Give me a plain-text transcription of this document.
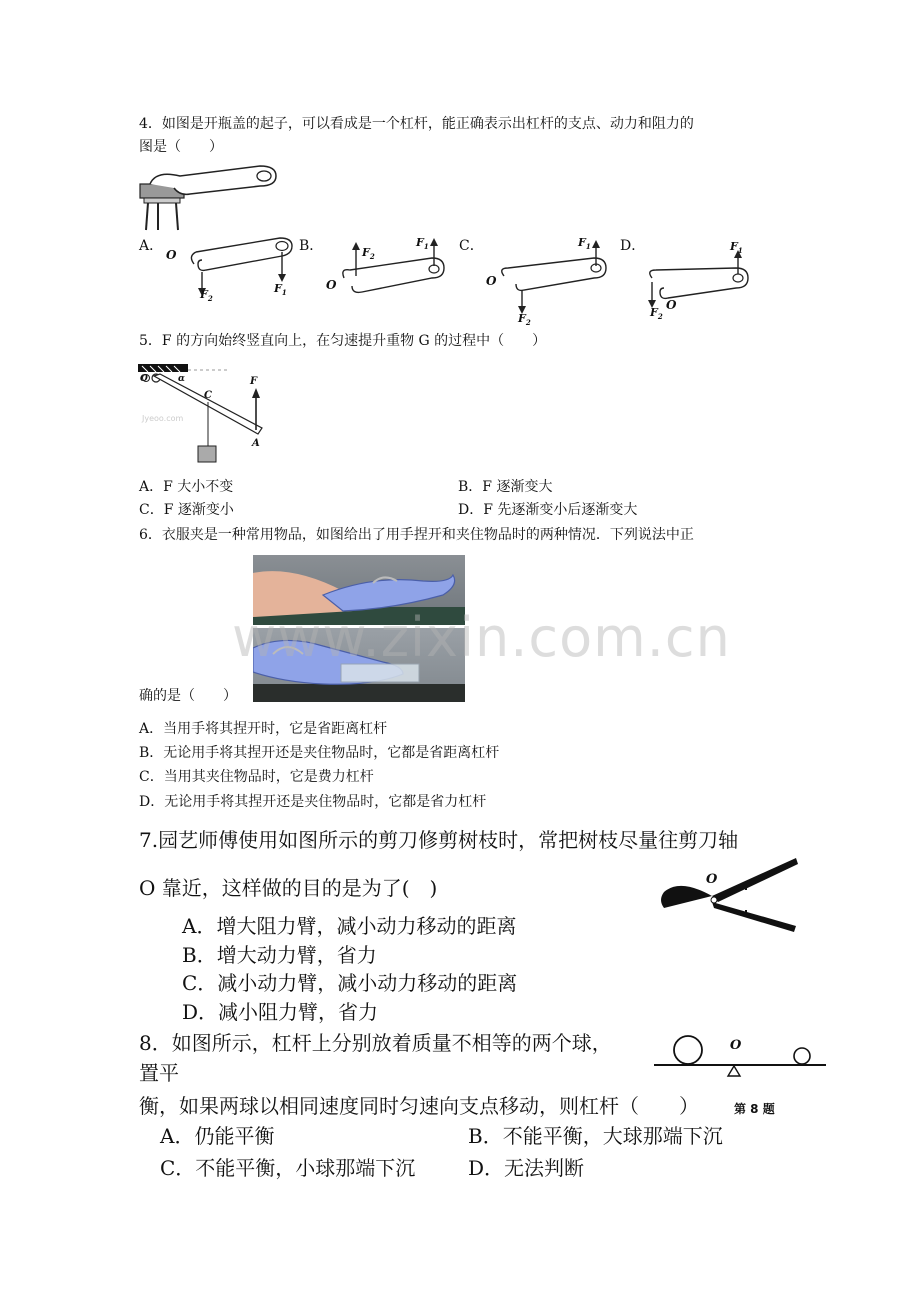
4．如图是开瓶盖的起子，可以看成是一个杠杆，能正确表示出杠杆的支点、动力和阻力的
图是（　　）
A．
O
$F_2$
$F_1$
B．
O
$F_2$
$F_1$ C．
O
$F_1$
$F_2$
D．	$F_1$
O
$F_2$
5．F 的方向始终竖直向上，在匀速提升重物 G 的过程中（　　）
O	α
C
F
A
Jyeoo.com
A．F 大小不变	B．F 逐渐变大
C．F 逐渐变小	D．F 先逐渐变小后逐渐变大
6．衣服夹是一种常用物品，如图给出了用手捏开和夹住物品时的两种情况．下列说法中正
确的是（　　）
www.zixin.com.cn
A．当用手将其捏开时，它是省距离杠杆
B．无论用手将其捏开还是夹住物品时，它都是省距离杠杆
C．当用其夹住物品时，它是费力杠杆
D．无论用手将其捏开还是夹住物品时，它都是省力杠杆
7.园艺师傅使用如图所示的剪刀修剪树枝时，常把树枝尽量往剪刀轴
O 靠近，这样做的目的是为了(　)	O
A．增大阻力臂，减小动力移动的距离
B．增大动力臂，省力
C．减小动力臂，减小动力移动的距离
D．减小阻力臂，省力
8．如图所示，杠杆上分别放着质量不相等的两个球，
置平
O
第 8 题
衡，如果两球以相同速度同时匀速向支点移动，则杠杆（　　）
A．仍能平衡	B．不能平衡，大球那端下沉
C．不能平衡，小球那端下沉	D．无法判断
